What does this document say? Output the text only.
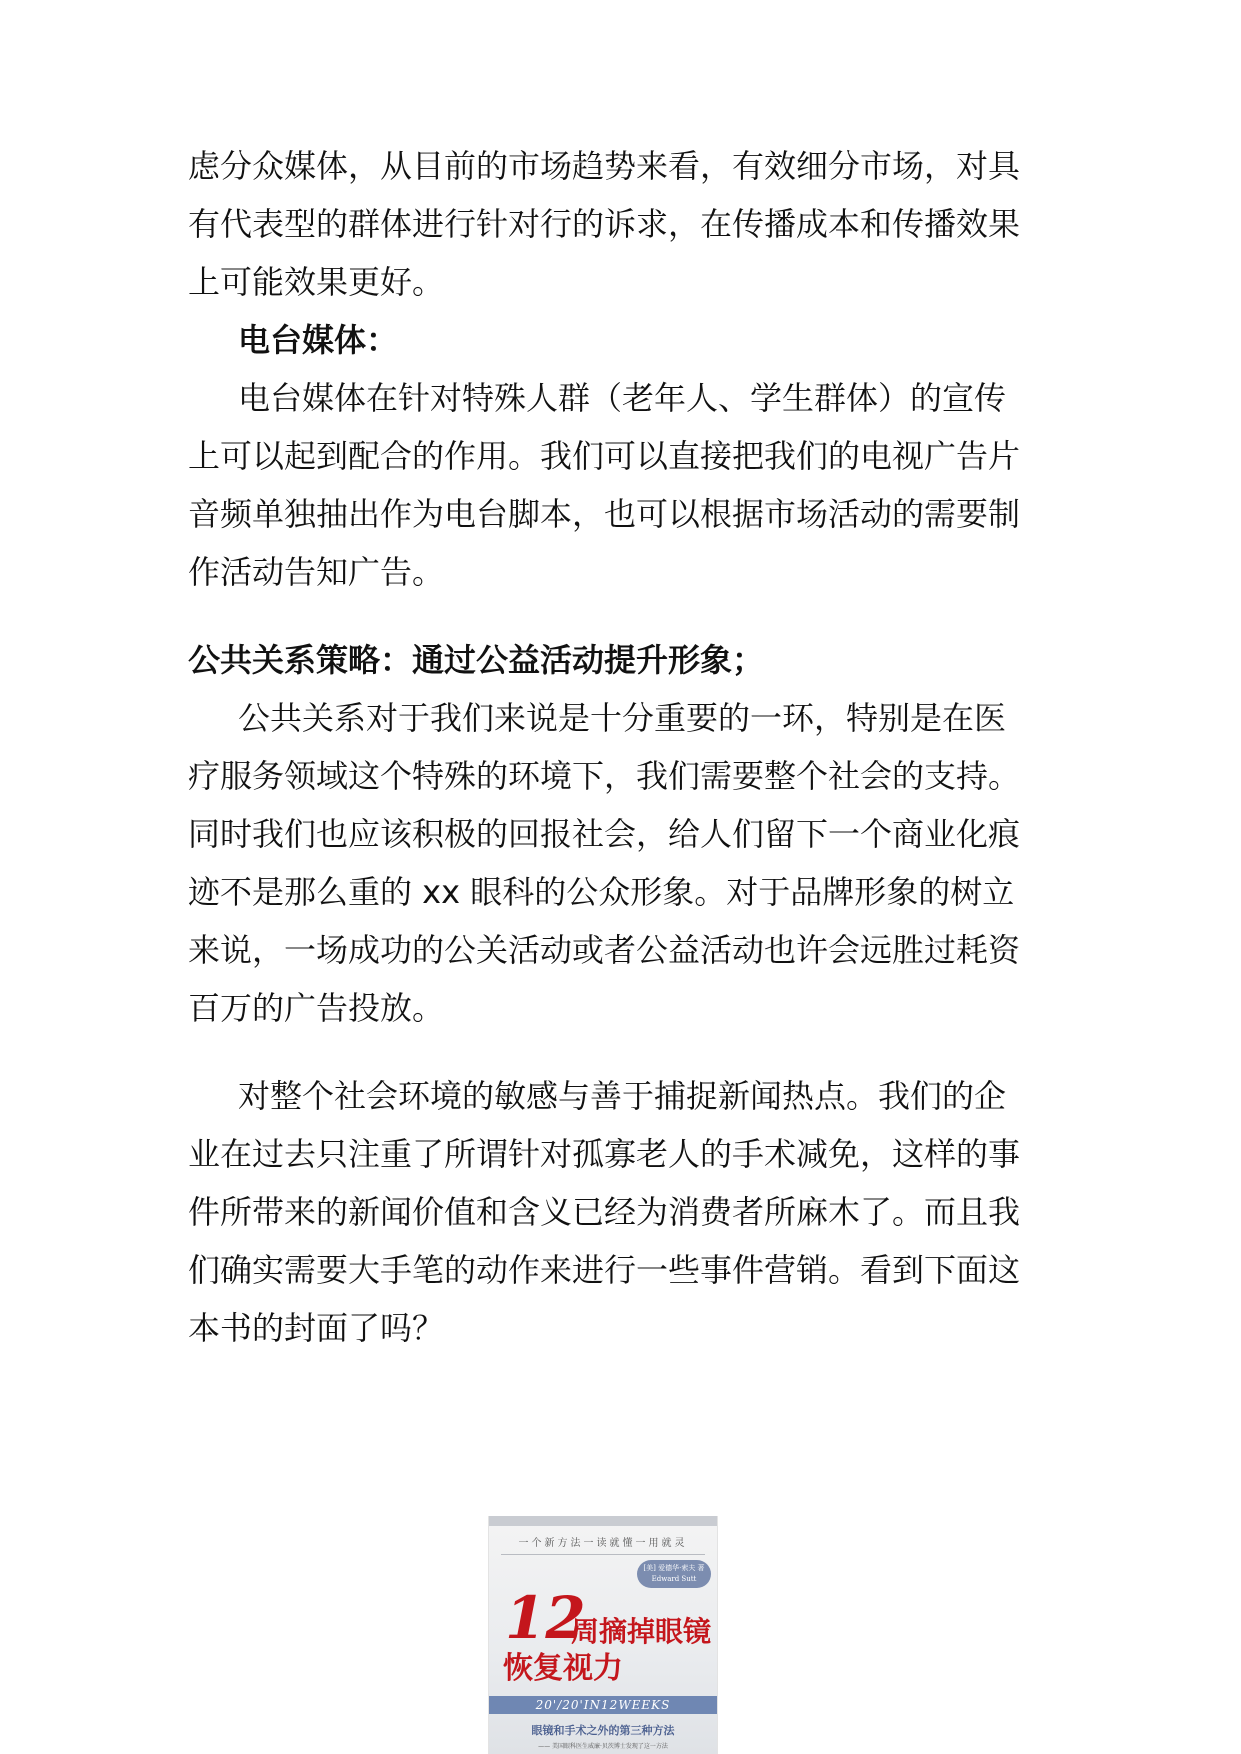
虑分众媒体，从目前的市场趋势来看，有效细分市场，对具
有代表型的群体进行针对行的诉求，在传播成本和传播效果
上可能效果更好。
电台媒体：
电台媒体在针对特殊人群（老年人、学生群体）的宣传
上可以起到配合的作用。我们可以直接把我们的电视广告片
音频单独抽出作为电台脚本，也可以根据市场活动的需要制
作活动告知广告。
公共关系策略：通过公益活动提升形象；
公共关系对于我们来说是十分重要的一环，特别是在医
疗服务领域这个特殊的环境下，我们需要整个社会的支持。
同时我们也应该积极的回报社会，给人们留下一个商业化痕
迹不是那么重的 xx 眼科的公众形象。对于品牌形象的树立
来说，一场成功的公关活动或者公益活动也许会远胜过耗资
百万的广告投放。
对整个社会环境的敏感与善于捕捉新闻热点。我们的企
业在过去只注重了所谓针对孤寡老人的手术减免，这样的事
件所带来的新闻价值和含义已经为消费者所麻木了。而且我
们确实需要大手笔的动作来进行一些事件营销。看到下面这
本书的封面了吗？
一个新方法一读就懂一用就灵
[美] 爱德华·索夫 著
Edward Sutt
12
周摘掉眼镜
恢复视力
20'/20'IN12WEEKS
眼镜和手术之外的第三种方法
—— 美国眼科医生威廉·贝茨博士发现了这一方法
